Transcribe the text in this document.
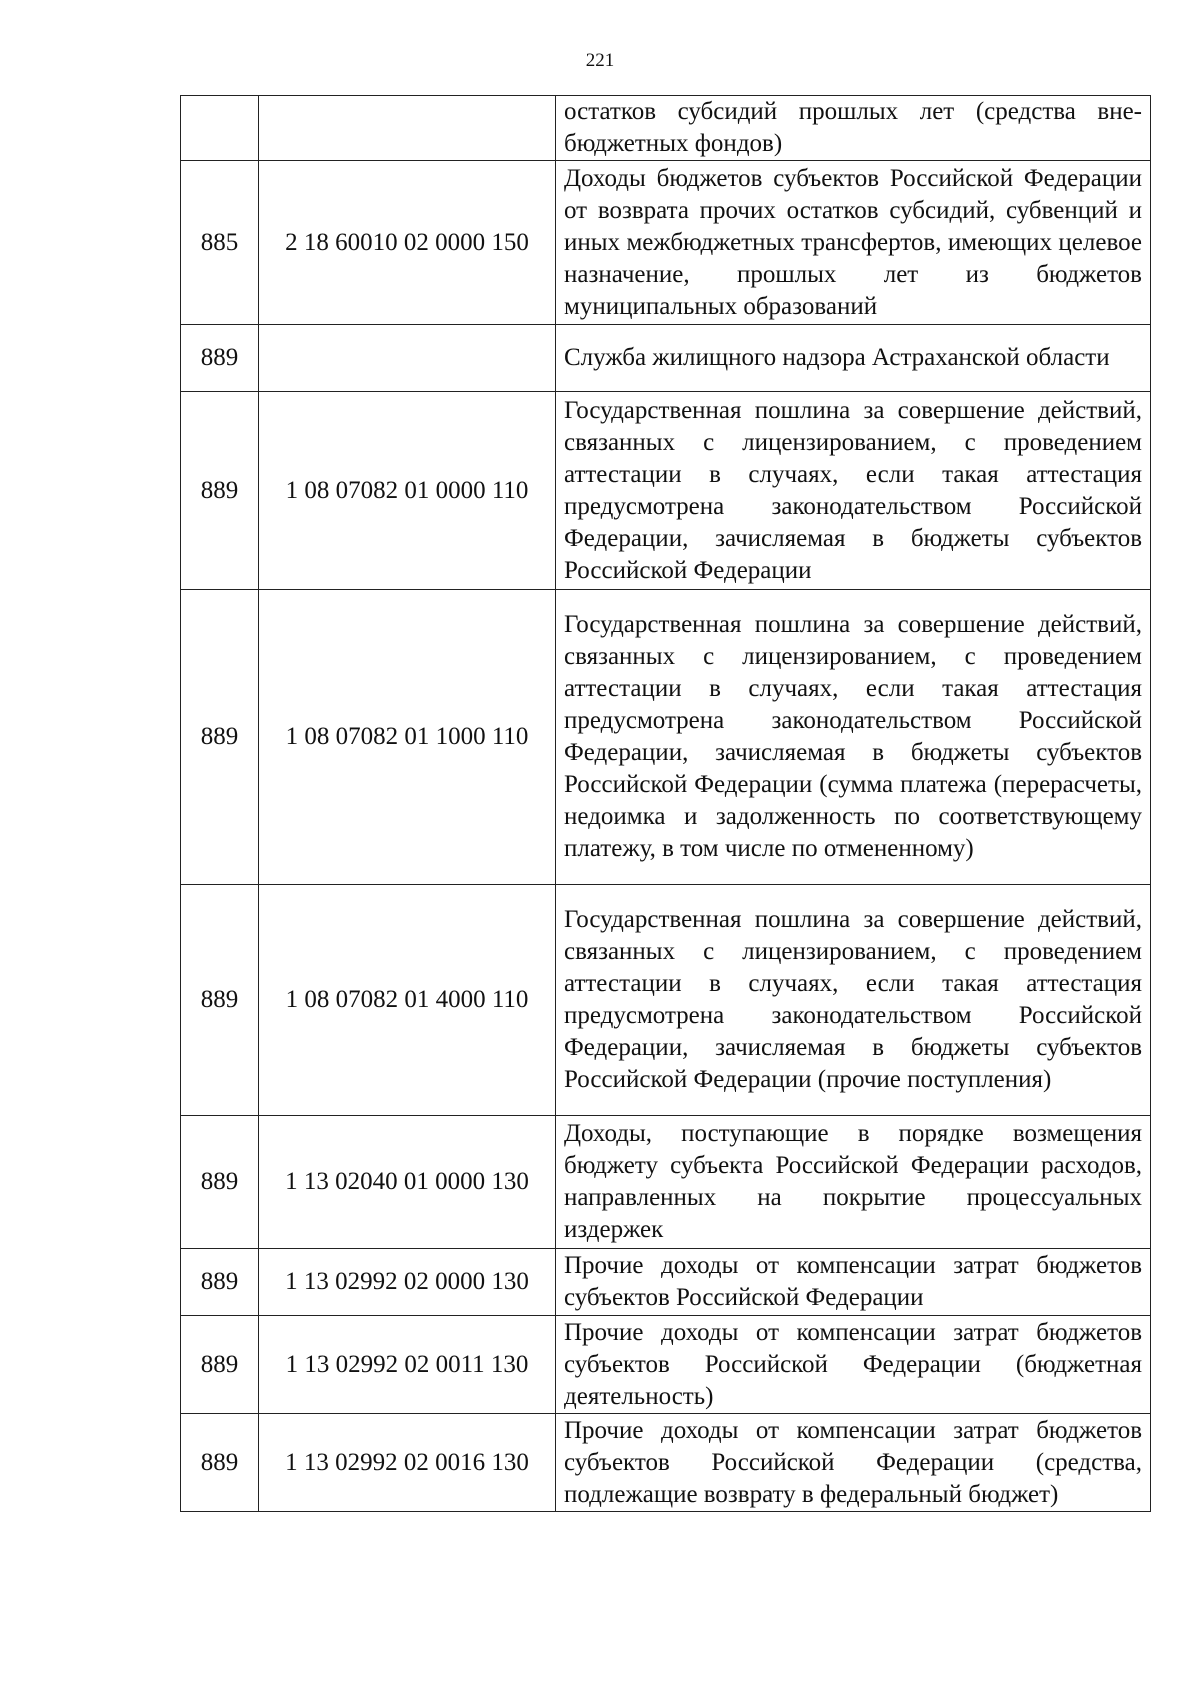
221
		остатков субсидий прошлых лет (средства внебюджетных фондов)
885	2 18 60010 02 0000 150	Доходы бюджетов субъектов Российской Федерации от возврата прочих остатков субсидий, субвенций и иных межбюджетных трансфертов, имеющих целевое назначение, прошлых лет из бюджетов муниципальных образований
889		Служба жилищного надзора Астраханской области
889	1 08 07082 01 0000 110	Государственная пошлина за совершение действий, связанных с лицензированием, с проведением аттестации в случаях, если такая аттестация предусмотрена законодательством Российской Федерации, зачисляемая в бюджеты субъектов Российской Федерации
889	1 08 07082 01 1000 110	Государственная пошлина за совершение действий, связанных с лицензированием, с проведением аттестации в случаях, если такая аттестация предусмотрена законодательством Российской Федерации, зачисляемая в бюджеты субъектов Российской Федерации (сумма платежа (перерасчеты, недоимка и задолженность по соответствующему платежу, в том числе по отмененному)
889	1 08 07082 01 4000 110	Государственная пошлина за совершение действий, связанных с лицензированием, с проведением аттестации в случаях, если такая аттестация предусмотрена законодательством Российской Федерации, зачисляемая в бюджеты субъектов Российской Федерации (прочие поступления)
889	1 13 02040 01 0000 130	Доходы, поступающие в порядке возмещения бюджету субъекта Российской Федерации расходов, направленных на покрытие процессуальных издержек
889	1 13 02992 02 0000 130	Прочие доходы от компенсации затрат бюджетов субъектов Российской Федерации
889	1 13 02992 02 0011 130	Прочие доходы от компенсации затрат бюджетов субъектов Российской Федерации (бюджетная деятельность)
889	1 13 02992 02 0016 130	Прочие доходы от компенсации затрат бюджетов субъектов Российской Федерации (средства, подлежащие возврату в федеральный бюджет)
